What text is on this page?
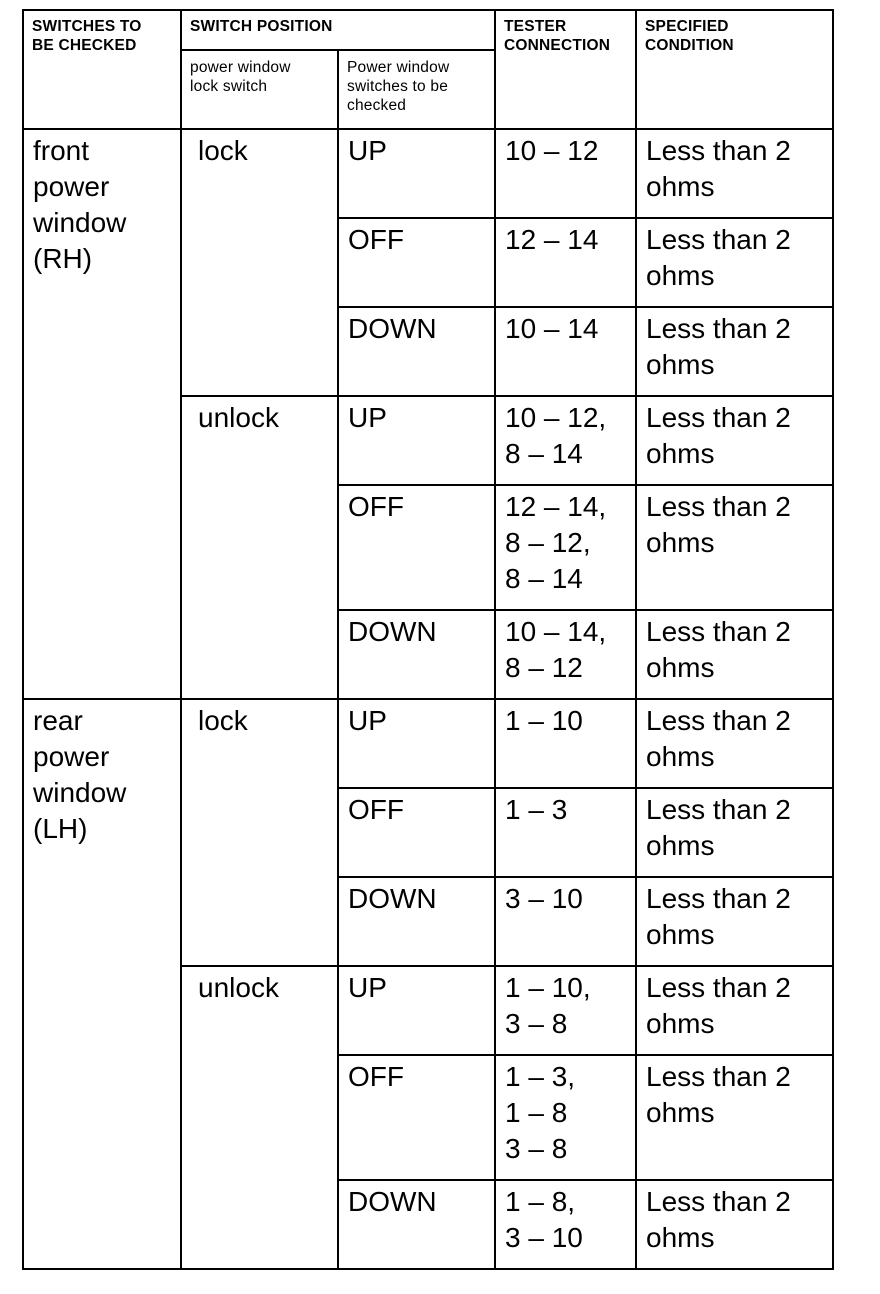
SWITCHES TO
BE CHECKED	SWITCH POSITION		TESTER
CONNECTION	SPECIFIED
CONDITION

	power window
lock switch	Power window
switches to be
checked		

front
power
window
(RH)	lock	UP	10 – 12	Less than 2
ohms

		OFF	12 – 14	Less than 2
ohms

		DOWN	10 – 14	Less than 2
ohms

	unlock	UP	10 – 12,
8 – 14	Less than 2
ohms

		OFF	12 – 14,
8 – 12,
8 – 14	Less than 2
ohms

		DOWN	10 – 14,
8 – 12	Less than 2
ohms

rear
power
window
(LH)	lock	UP	1 – 10	Less than 2
ohms

		OFF	1 – 3	Less than 2
ohms

		DOWN	3 – 10	Less than 2
ohms

	unlock	UP	1 – 10,
3 – 8	Less than 2
ohms

		OFF	1 – 3,
1 – 8
3 – 8	Less than 2
ohms

		DOWN	1 – 8,
3 – 10	Less than 2
ohms
